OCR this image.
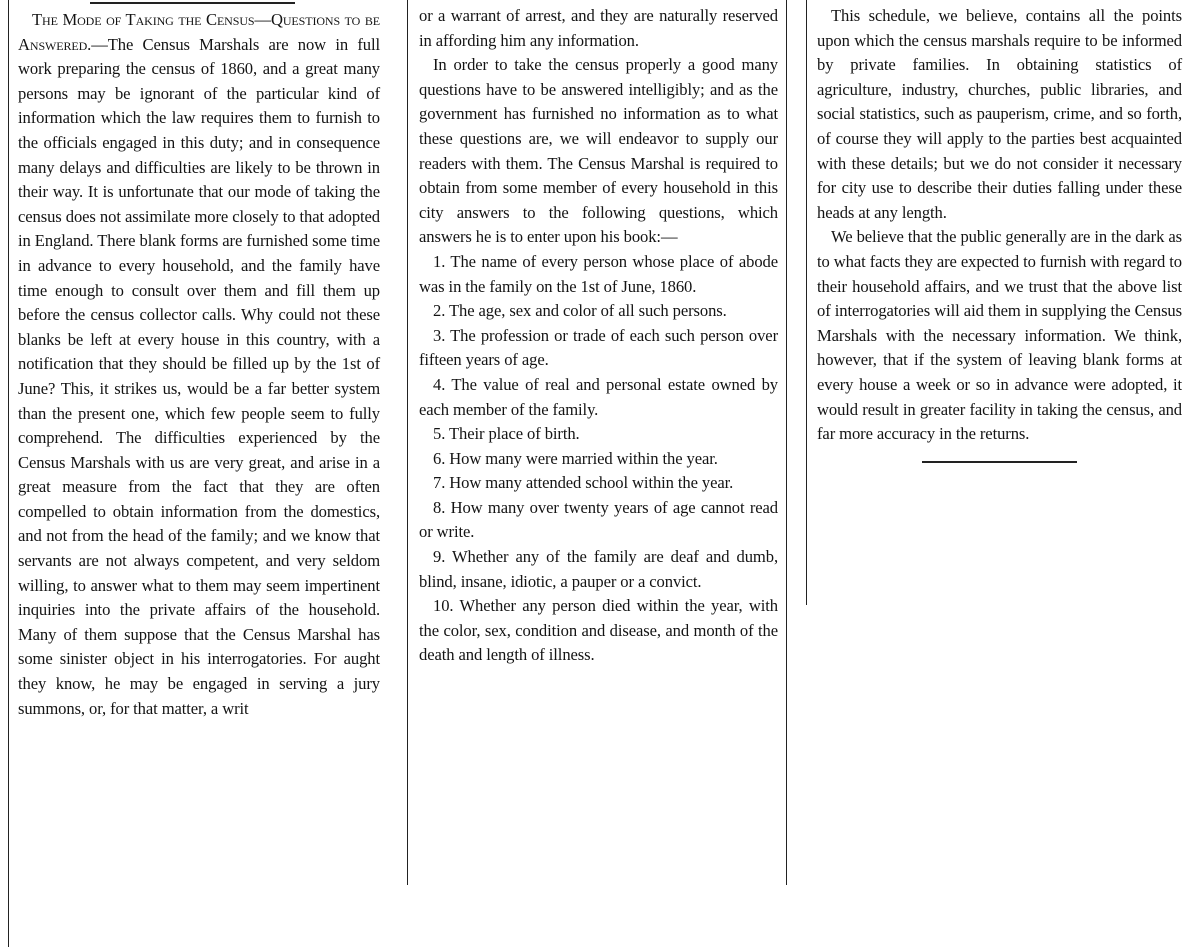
The Mode of Taking the Census—Questions to be Answered.—The Census Marshals are now in full work preparing the census of 1860, and a great many persons may be ignorant of the particular kind of information which the law requires them to furnish to the officials engaged in this duty; and in consequence many delays and difficulties are likely to be thrown in their way. It is unfortunate that our mode of taking the census does not assimilate more closely to that adopted in England. There blank forms are furnished some time in advance to every household, and the family have time enough to consult over them and fill them up before the census collector calls. Why could not these blanks be left at every house in this country, with a notification that they should be filled up by the 1st of June? This, it strikes us, would be a far better system than the present one, which few people seem to fully comprehend. The difficulties experienced by the Census Marshals with us are very great, and arise in a great measure from the fact that they are often compelled to obtain information from the domestics, and not from the head of the family; and we know that servants are not always competent, and very seldom willing, to answer what to them may seem impertinent inquiries into the private affairs of the household. Many of them suppose that the Census Marshal has some sinister object in his interrogatories. For aught they know, he may be engaged in serving a jury summons, or, for that matter, a writ

or a warrant of arrest, and they are naturally reserved in affording him any information.

In order to take the census properly a good many questions have to be answered intelligibly; and as the government has furnished no information as to what these questions are, we will endeavor to supply our readers with them. The Census Marshal is required to obtain from some member of every household in this city answers to the following questions, which answers he is to enter upon his book:—

1. The name of every person whose place of abode was in the family on the 1st of June, 1860.

2. The age, sex and color of all such persons.

3. The profession or trade of each such person over fifteen years of age.

4. The value of real and personal estate owned by each member of the family.

5. Their place of birth.

6. How many were married within the year.

7. How many attended school within the year.

8. How many over twenty years of age cannot read or write.

9. Whether any of the family are deaf and dumb, blind, insane, idiotic, a pauper or a convict.

10. Whether any person died within the year, with the color, sex, condition and disease, and month of the death and length of illness.

This schedule, we believe, contains all the points upon which the census marshals require to be informed by private families. In obtaining statistics of agriculture, industry, churches, public libraries, and social statistics, such as pauperism, crime, and so forth, of course they will apply to the parties best acquainted with these details; but we do not consider it necessary for city use to describe their duties falling under these heads at any length.

We believe that the public generally are in the dark as to what facts they are expected to furnish with regard to their household affairs, and we trust that the above list of interrogatories will aid them in supplying the Census Marshals with the necessary information. We think, however, that if the system of leaving blank forms at every house a week or so in advance were adopted, it would result in greater facility in taking the census, and far more accuracy in the returns.
